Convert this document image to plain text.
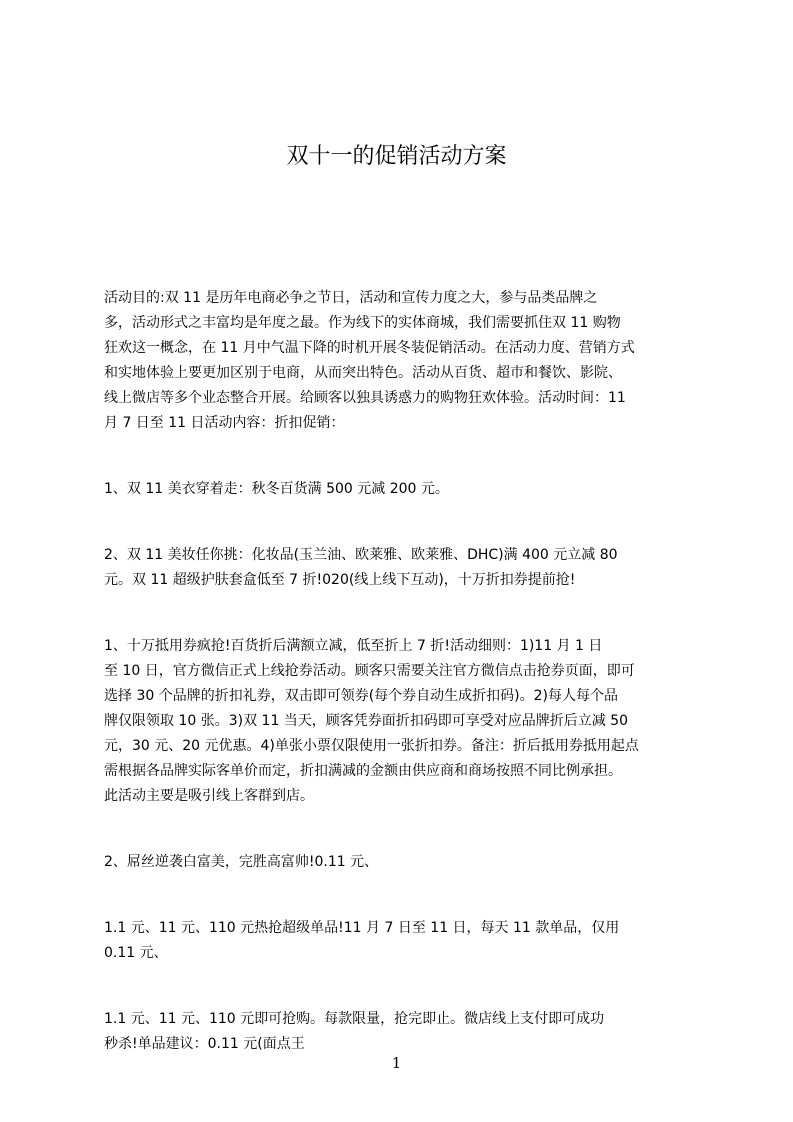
双十一的促销活动方案
活动目的:双 11 是历年电商必争之节日，活动和宣传力度之大，参与品类品牌之
多，活动形式之丰富均是年度之最。作为线下的实体商城，我们需要抓住双 11 购物
狂欢这一概念，在 11 月中气温下降的时机开展冬装促销活动。在活动力度、营销方式
和实地体验上要更加区别于电商，从而突出特色。活动从百货、超市和餐饮、影院、
线上微店等多个业态整合开展。给顾客以独具诱惑力的购物狂欢体验。活动时间：11
月 7 日至 11 日活动内容：折扣促销：
1、双 11 美衣穿着走：秋冬百货满 500 元减 200 元。
2、双 11 美妆任你挑：化妆品(玉兰油、欧莱雅、欧莱雅、DHC)满 400 元立减 80
元。双 11 超级护肤套盒低至 7 折!020(线上线下互动)，十万折扣券提前抢!
1、十万抵用券疯抢!百货折后满额立减，低至折上 7 折!活动细则：1)11 月 1 日
至 10 日，官方微信正式上线抢券活动。顾客只需要关注官方微信点击抢券页面，即可
选择 30 个品牌的折扣礼券，双击即可领券(每个券自动生成折扣码)。2)每人每个品
牌仅限领取 10 张。3)双 11 当天，顾客凭券面折扣码即可享受对应品牌折后立减 50
元，30 元、20 元优惠。4)单张小票仅限使用一张折扣券。备注：折后抵用券抵用起点
需根据各品牌实际客单价而定，折扣满减的金额由供应商和商场按照不同比例承担。
此活动主要是吸引线上客群到店。
2、屌丝逆袭白富美，完胜高富帅!0.11 元、
1.1 元、11 元、110 元热抢超级单品!11 月 7 日至 11 日，每天 11 款单品，仅用
0.11 元、
1.1 元、11 元、110 元即可抢购。每款限量，抢完即止。微店线上支付即可成功
秒杀!单品建议：0.11 元(面点王
1
